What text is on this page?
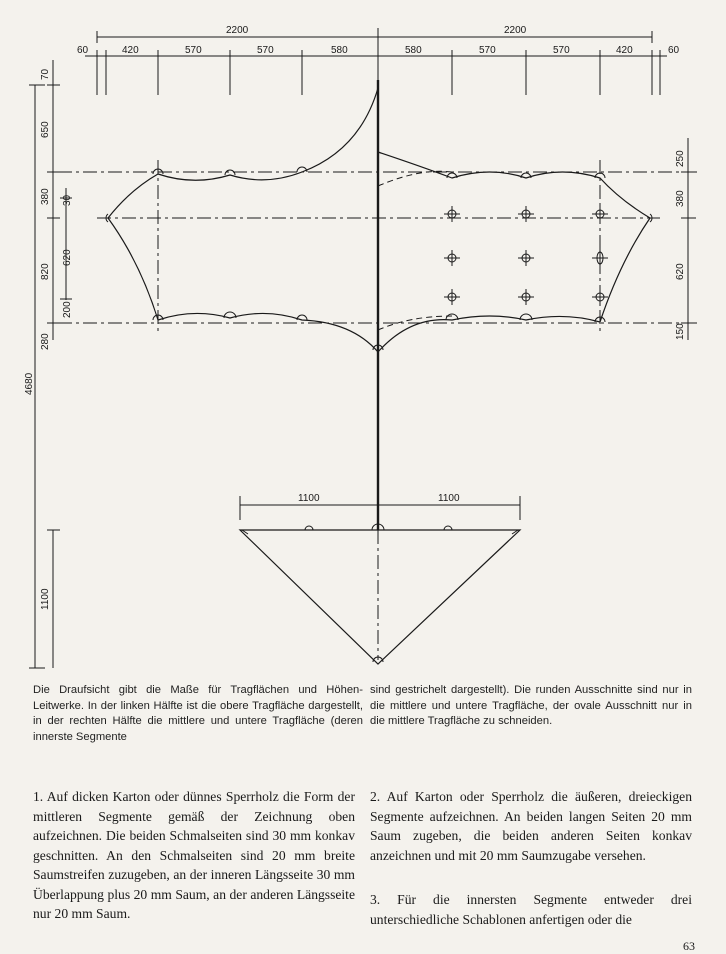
2200	2200
60	420	570	570	580	580	570	570	420	60
70
650
380 30
620
820
200
280
4680
1100
250
380
620
150
1100	1100
Die Draufsicht gibt die Maße für Tragflächen und Höhen-Leitwerke. In der linken Hälfte ist die obere Tragfläche dargestellt, in der rechten Hälfte die mittlere und untere Tragfläche (deren innerste Segmente
sind gestrichelt dargestellt). Die runden Ausschnitte sind nur in die mittlere und untere Tragfläche, der ovale Ausschnitt nur in die mittlere Tragfläche zu schneiden.
1. Auf dicken Karton oder dünnes Sperrholz die Form der mittleren Segmente gemäß der Zeichnung oben aufzeichnen. Die beiden Schmalseiten sind 30 mm konkav geschnitten. An den Schmalseiten sind 20 mm breite Saumstreifen zuzugeben, an der inneren Längsseite 30 mm Überlappung plus 20 mm Saum, an der anderen Längsseite nur 20 mm Saum.
2. Auf Karton oder Sperrholz die äußeren, dreieckigen Segmente aufzeichnen. An beiden langen Seiten 20 mm Saum zugeben, die beiden anderen Seiten konkav anzeichnen und mit 20 mm Saumzugabe versehen.
3. Für die innersten Segmente entweder drei unterschiedliche Schablonen anfertigen oder die
63
